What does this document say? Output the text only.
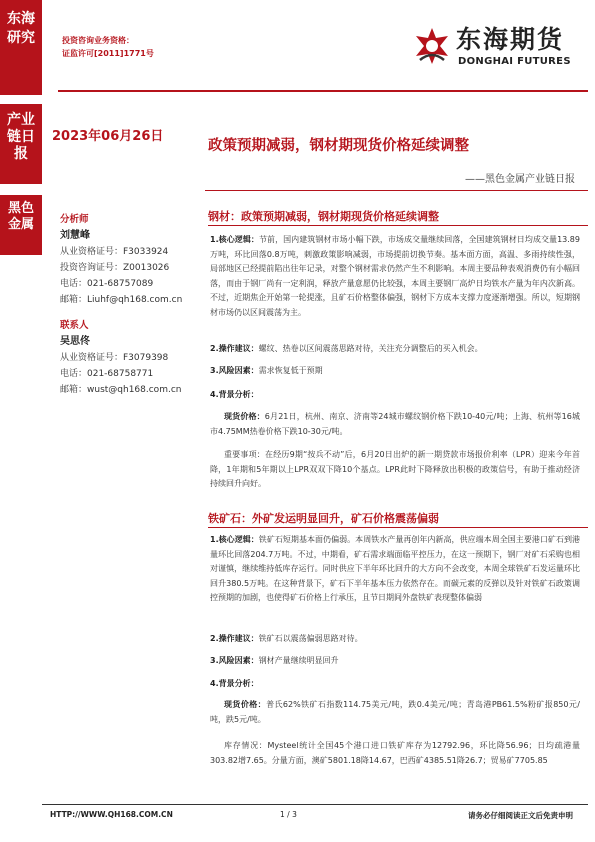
东海研究
产业链日报
黑色金属
投资咨询业务资格：
证监许可[2011]1771号	东海期货
DONGHAI FUTURES
2023年06月26日
政策预期减弱，钢材期现货价格延续调整
——黑色金属产业链日报
分析师
刘慧峰
从业资格证号：F3033924
投资咨询证号：Z0013026
电话：021-68757089
邮箱：Liuhf@qh168.com.cn
联系人
吴思佟
从业资格证号：F3079398
电话：021-68758771
邮箱：wust@qh168.com.cn
钢材：政策预期减弱，钢材期现货价格延续调整
1.核心逻辑：节前，国内建筑钢材市场小幅下跌，市场成交量继续回落，全国建筑钢材日均成交量13.89万吨，环比回落0.8万吨，刺激政策影响减弱，市场提前切换节奏。基本面方面，高温、多雨持续性强，局部地区已经提前陷出往年记录，对整个钢材需求仍然产生不利影响。本周主要品种表观消费仍有小幅回落，而由于钢厂尚有一定利润，释放产量意愿仍比较强，本周主要钢厂高炉日均铁水产量为年内次新高。不过，近期焦企开始第一轮提涨，且矿石价格整体偏强，钢材下方成本支撑力度逐渐增强。所以，短期钢材市场仍以区间震荡为主。
2.操作建议：螺纹、热卷以区间震荡思路对待，关注充分调整后的买入机会。
3.风险因素：需求恢复低于预期
4.背景分析：
现货价格：6月21日，杭州、南京、济南等24城市螺纹钢价格下跌10-40元/吨；上海、杭州等16城市4.75MM热卷价格下跌10-30元/吨。
重要事项：在经历9期“按兵不动”后，6月20日出炉的新一期贷款市场报价利率（LPR）迎来今年首降，1年期和5年期以上LPR双双下降10个基点。LPR此时下降释放出积极的政策信号，有助于推动经济持续回升向好。
铁矿石：外矿发运明显回升，矿石价格震荡偏弱
1.核心逻辑：铁矿石短期基本面仍偏弱。本周铁水产量再创年内新高，供应端本周全国主要港口矿石到港量环比回落204.7万吨。不过，中期看，矿石需求端面临平控压力，在这一预期下，钢厂对矿石采购也相对谨慎，继续维持低库存运行。同时供应下半年环比回升的大方向不会改变，本周全球铁矿石发运量环比回升380.5万吨。在这种背景下，矿石下半年基本压力依然存在。而碳元素的反弹以及针对铁矿石政策调控预期的加剧，也使得矿石价格上行承压，且节日期间外盘铁矿表现整体偏弱
2.操作建议：铁矿石以震荡偏弱思路对待。
3.风险因素：钢材产量继续明显回升
4.背景分析：
现货价格：普氏62%铁矿石指数114.75美元/吨，跌0.4美元/吨；青岛港PB61.5%粉矿报850元/吨，跌5元/吨。
库存情况：Mysteel统计全国45个港口进口铁矿库存为12792.96，环比降56.96；日均疏港量303.82增7.65。分量方面，澳矿5801.18降14.67，巴西矿4385.51降26.7；贸易矿7705.85
HTTP://WWW.QH168.COM.CN	1 / 3	请务必仔细阅读正文后免责申明
